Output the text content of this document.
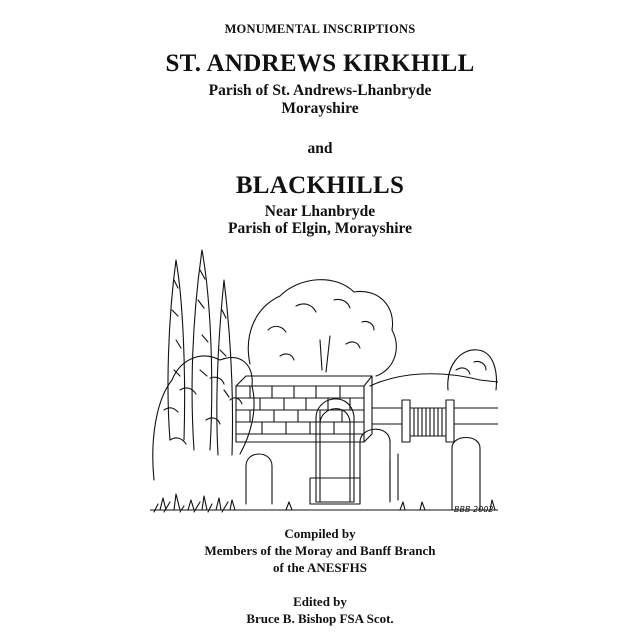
MONUMENTAL INSCRIPTIONS
ST. ANDREWS KIRKHILL
Parish of St. Andrews-Lhanbryde
Morayshire
and
BLACKHILLS
Near Lhanbryde
Parish of Elgin, Morayshire
BBB 2002
Compiled by
Members of the Moray and Banff Branch
of the ANESFHS
Edited by
Bruce B. Bishop FSA Scot.
